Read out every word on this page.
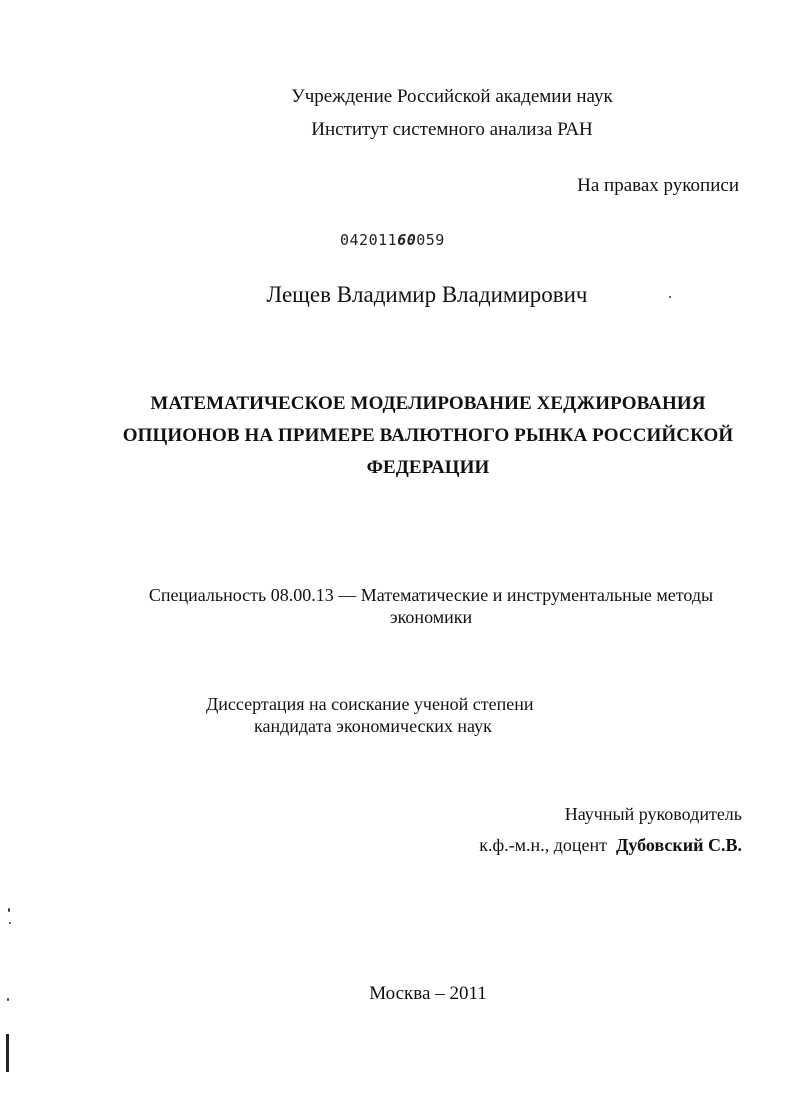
Учреждение Российской академии наук
Институт системного анализа РАН
На правах рукописи
04201160059
Лещев Владимир Владимирович
МАТЕМАТИЧЕСКОЕ МОДЕЛИРОВАНИЕ ХЕДЖИРОВАНИЯ
ОПЦИОНОВ НА ПРИМЕРЕ ВАЛЮТНОГО РЫНКА РОССИЙСКОЙ
ФЕДЕРАЦИИ
Специальность 08.00.13 — Математические и инструментальные методы
экономики
Диссертация на соискание ученой степени
кандидата экономических наук
Научный руководитель
к.ф.-м.н., доцент Дубовский С.В.
Москва – 2011
